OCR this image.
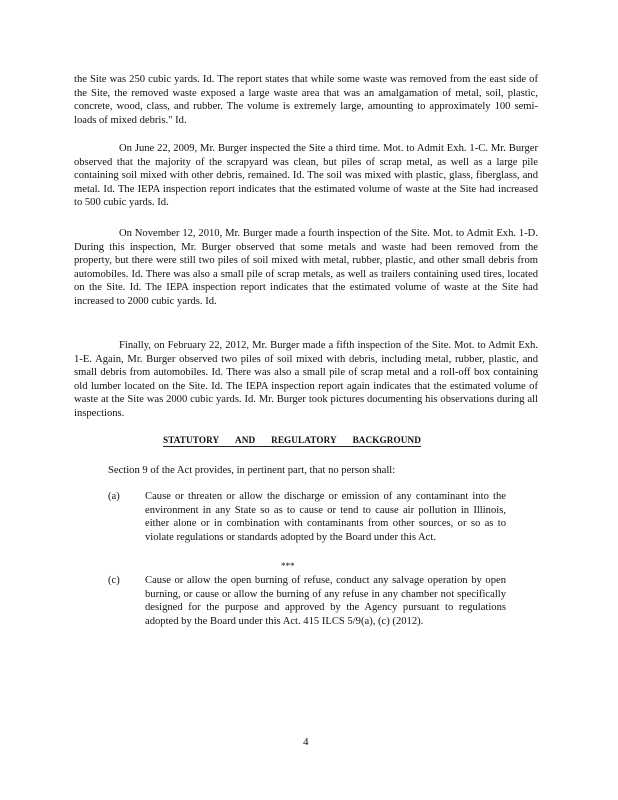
the Site was 250 cubic yards. Id. The report states that while some waste was removed from the east side of the Site, the removed waste exposed a large waste area that was an amalgamation of metal, soil, plastic, concrete, wood, class, and rubber. The volume is extremely large, amounting to approximately 100 semi-loads of mixed debris." Id.

On June 22, 2009, Mr. Burger inspected the Site a third time. Mot. to Admit Exh. 1-C. Mr. Burger observed that the majority of the scrapyard was clean, but piles of scrap metal, as well as a large pile containing soil mixed with other debris, remained. Id. The soil was mixed with plastic, glass, fiberglass, and metal. Id. The IEPA inspection report indicates that the estimated volume of waste at the Site had increased to 500 cubic yards. Id.

On November 12, 2010, Mr. Burger made a fourth inspection of the Site. Mot. to Admit Exh. 1-D. During this inspection, Mr. Burger observed that some metals and waste had been removed from the property, but there were still two piles of soil mixed with metal, rubber, plastic, and other small debris from automobiles. Id. There was also a small pile of scrap metals, as well as trailers containing used tires, located on the Site. Id. The IEPA inspection report indicates that the estimated volume of waste at the Site had increased to 2000 cubic yards. Id.

Finally, on February 22, 2012, Mr. Burger made a fifth inspection of the Site. Mot. to Admit Exh. 1-E. Again, Mr. Burger observed two piles of soil mixed with debris, including metal, rubber, plastic, and small debris from automobiles. Id. There was also a small pile of scrap metal and a roll-off box containing old lumber located on the Site. Id. The IEPA inspection report again indicates that the estimated volume of waste at the Site was 2000 cubic yards. Id. Mr. Burger took pictures documenting his observations during all inspections.

STATUTORY AND REGULATORY BACKGROUND

Section 9 of the Act provides, in pertinent part, that no person shall:

(a) Cause or threaten or allow the discharge or emission of any contaminant into the environment in any State so as to cause or tend to cause air pollution in Illinois, either alone or in combination with contaminants from other sources, or so as to violate regulations or standards adopted by the Board under this Act.

***
(c) Cause or allow the open burning of refuse, conduct any salvage operation by open burning, or cause or allow the burning of any refuse in any chamber not specifically designed for the purpose and approved by the Agency pursuant to regulations adopted by the Board under this Act. 415 ILCS 5/9(a), (c) (2012).

4
